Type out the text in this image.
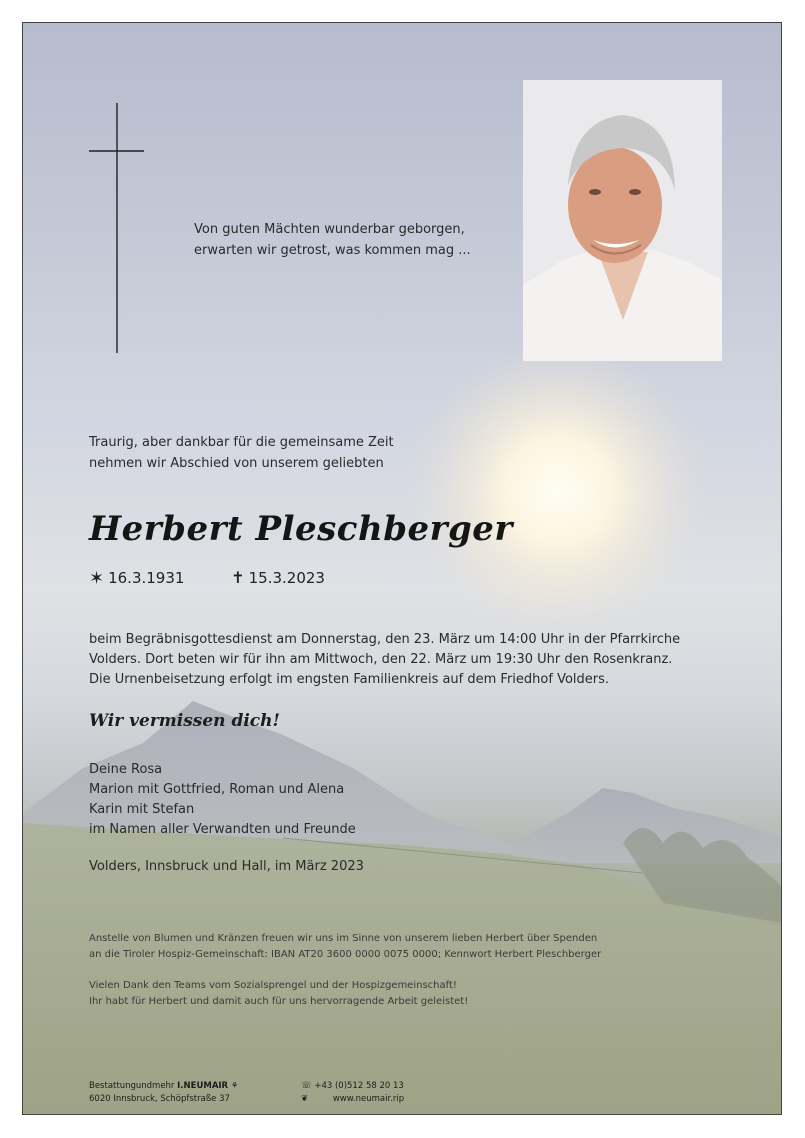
Von guten Mächten wunderbar geborgen,
erwarten wir getrost, was kommen mag ...

Traurig, aber dankbar für die gemeinsame Zeit
nehmen wir Abschied von unserem geliebten

Herbert Pleschberger
✶ 16.3.1931	✝ 15.3.2023

beim Begräbnisgottesdienst am Donnerstag, den 23. März um 14:00 Uhr in der Pfarrkirche
Volders. Dort beten wir für ihn am Mittwoch, den 22. März um 19:30 Uhr den Rosenkranz.
Die Urnenbeisetzung erfolgt im engsten Familienkreis auf dem Friedhof Volders.

Wir vermissen dich!

Deine Rosa
Marion mit Gottfried, Roman und Alena
Karin mit Stefan
im Namen aller Verwandten und Freunde

Volders, Innsbruck und Hall, im März 2023

Anstelle von Blumen und Kränzen freuen wir uns im Sinne von unserem lieben Herbert über Spenden
an die Tiroler Hospiz-Gemeinschaft: IBAN AT20 3600 0000 0075 0000; Kennwort Herbert Pleschberger

Vielen Dank den Teams vom Sozialsprengel und der Hospizgemeinschaft!
Ihr habt für Herbert und damit auch für uns hervorragende Arbeit geleistet!

Bestattungundmehr I.NEUMAIR ⚘
6020 Innsbruck, Schöpfstraße 37
☏ +43 (0)512 58 20 13
❦	www.neumair.rip
